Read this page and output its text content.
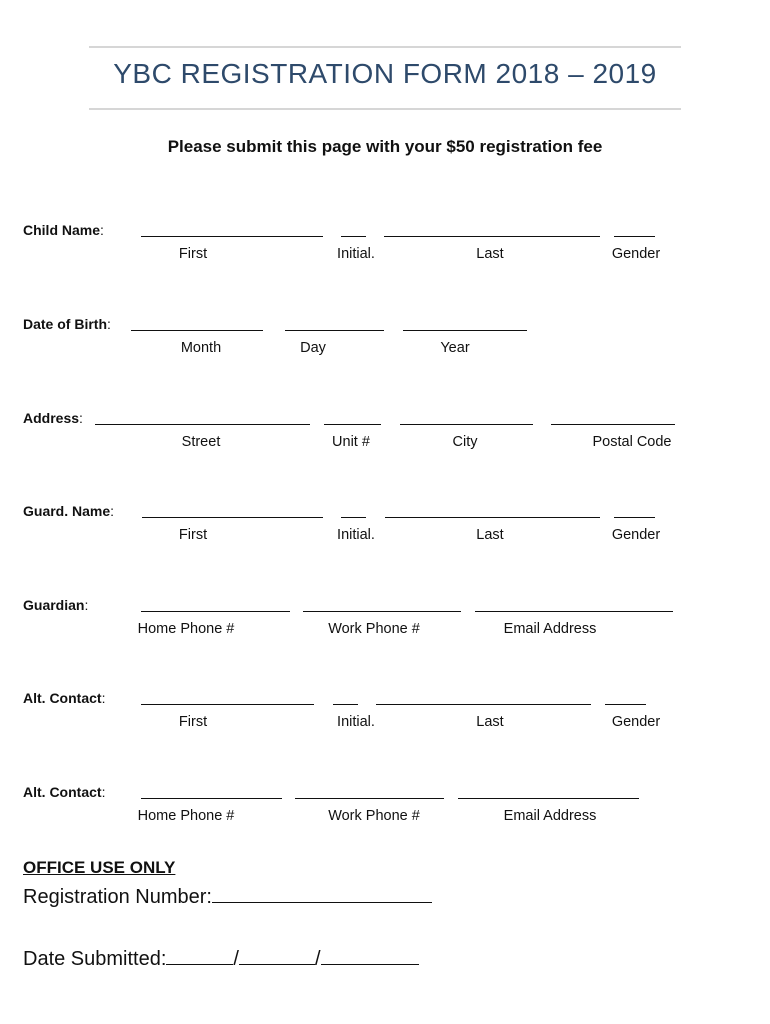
YBC REGISTRATION FORM 2018 – 2019
Please submit this page with your $50 registration fee
Child Name:
First	Initial.	Last	Gender
Date of Birth:
Month	Day	Year
Address:
Street	Unit #	City	Postal Code
Guard. Name:
First	Initial.	Last	Gender
Guardian:
Home Phone #	Work Phone #	Email Address
Alt. Contact:
First	Initial.	Last	Gender
Alt. Contact:
Home Phone #	Work Phone #	Email Address
OFFICE USE ONLY
Registration Number:
Date Submitted:	/	/
